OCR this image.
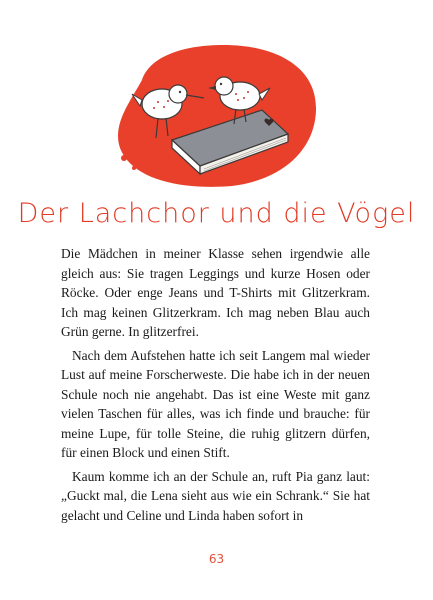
Der Lachchor und die Vögel

Die Mädchen in meiner Klasse sehen irgendwie alle gleich aus: Sie tragen Leggings und kurze Hosen oder Röcke. Oder enge Jeans und T-Shirts mit Glitzerkram. Ich mag keinen Glitzerkram. Ich mag neben Blau auch Grün gerne. In glitzerfrei.

Nach dem Aufstehen hatte ich seit Langem mal wieder Lust auf meine Forscherweste. Die habe ich in der neuen Schule noch nie angehabt. Das ist eine Weste mit ganz vielen Taschen für alles, was ich finde und brauche: für meine Lupe, für tolle Steine, die ruhig glitzern dürfen, für einen Block und einen Stift.

Kaum komme ich an der Schule an, ruft Pia ganz laut: „Guckt mal, die Lena sieht aus wie ein Schrank.“ Sie hat gelacht und Celine und Linda haben sofort in

63
